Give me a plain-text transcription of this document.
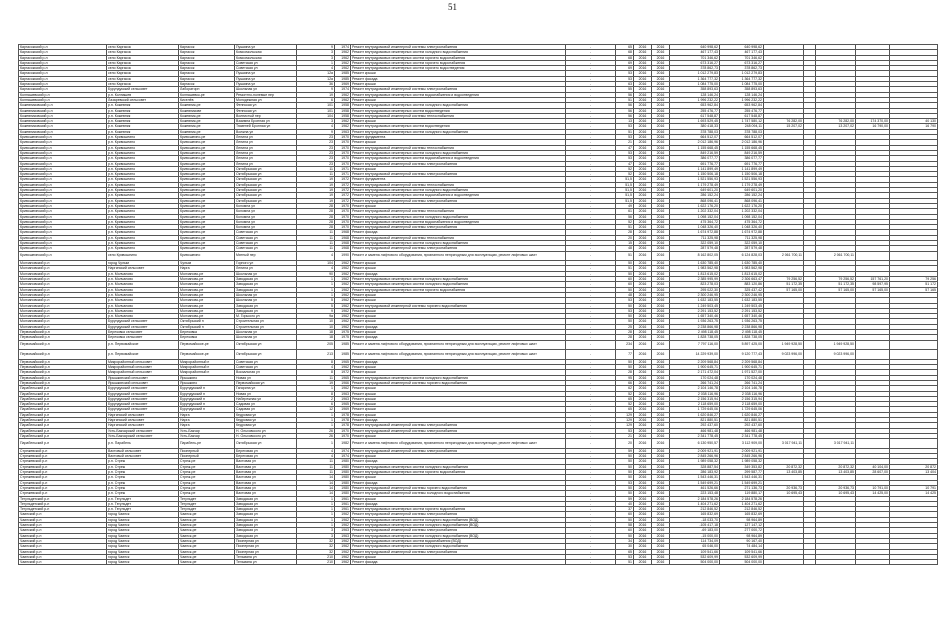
51
Каргасокский р-н	село Каргасок	Каргасок	Пушкина ул	9	1974	Ремонт внутридомовой инженерной системы электроснабжения	-	65	2016	2016	640 998,62	640 998,62					
Каргасокский р-н	село Каргасок	Каргасок	Комсомольская	3	1962	Ремонт внутридомовых инженерных систем холодного водоснабжения	-	68	2016	2016	467 177,43	467 177,43					
Каргасокский р-н	село Каргасок	Каргасок	Комсомольская	3	1962	Ремонт внутридомовых инженерных систем горячего водоснабжения	-	68	2016	2016	701 346,62	701 346,62					
Каргасокский р-н	село Каргасок	Каргасок	Советская ул	1	1962	Ремонт внутридомовых инженерных систем горячего водоснабжения	-	69	2016	2016	673 316,27	673 316,27					
Каргасокский р-н	село Каргасок	Каргасок	Советская ул	4	1962	Ремонт внутридомовых инженерных систем горячего водоотведения	-	69	2016	2016	378 862,73	378 862,73					
Каргасокский р-н	село Каргасок	Каргасок	Пушкина ул	12а	1985	Ремонт крыши	-	53	2016	2016	1 012 279,83	1 012 279,83					
Каргасокский р-н	село Каргасок	Каргасок	Пушкина ул	12а	1985	Ремонт фасада	-	53	2016	2016	1 364 777,32	1 364 777,32					
Каргасокский р-н	село Каргасок	Каргасок	Пушкина ул	36	1969	Ремонт крыши	-	63	2016	2016	1 084 775,00	1 084 775,00					
Каргасокский р-н	Бурундукский сельсовет	Лабораторн	Школьная ул	9	1974	Ремонт внутридомовой инженерной системы электроснабжения	-	55	2016	2016	358 893,63	358 893,63					
Колпашевский р-н	р.п. Колпашев	Колпашевск-ре	Ремонтно-полевые пер	19	1962	Ремонт внутридомовых инженерных систем водоснабжения и водоотведения	-	56	2016	2016	128 146,24	128 146,24					
Колпашевский р-н	Лазаревский сельсовет	Киселёв	Молодежная ул	6	1962	Ремонт крыши	-	51	2016	2016	1 996 232,22	1 996 232,22					
Кожевниковский р-н	р.п. Кожевник	Кожевник-ре	Феннская ул	101	1958	Ремонт внутридомовых инженерных систем холодного водоснабжения	-	56	2016	2016	653 962,84	653 962,84					
Кожевниковский р-н	р.п. Кожевник	Кожевникове	Феннская ул	101	1958	Ремонт внутридомовых инженерных систем водоотведения	-	56	2016	2016	255 476,77	255 476,77					
Кожевниковский р-н	р.п. Кожевник	Кожевник-ре	Волнистый пер	104	1958	Ремонт внутридомовой инженерной системы теплоснабжения	-	56	2016	2016	617 548,87	617 548,87					
Кожевниковский р-н	р.п. Кожевник	Кожевник-ре	Взаимна Бронная ул	3	1962	Ремонт крыши	-	13	2016	2016	1 693 529,45	1 747 580,12	76 282,00		76 282,00	174 370,00	40 130
Кожевниковский р-н	р.п. Кожевник	Кожевник-ре	Тюменей Бронная ул	4	1962	Ремонт внутридомовых инженерных систем водоотведения	-	53	2016	2016	380 418,33	248 094,11	15 207,02		13 207,02	16 790,00	16 790
Кожевниковский р-н	р.п. Кожевник	Кожевник-ре	Волжна ул	9	1963	Ремонт внутридомовых инженерных систем холодного водоснабжения	-	51	2016	2016	378 788,03	378 788,03					
Кривошеинский р-н	р.п. Кривошеино	Кривошеино-ре	Ленина ул	23	1970	Ремонт фундамента	-	53	2016	2016	664 512,07	664 512,07					
Кривошеинский р-н	р.п. Кривошеино	Кривошеино-ре	Ленина ул	23	1970	Ремонт крыши	-	21	2016	2016	2 012 186,96	2 012 186,96					
Кривошеинский р-н	р.п. Кривошеино	Кривошеино-ре	Ленина ул	23	1970	Ремонт внутридомовой инженерной системы теплоснабжения	-	47	2016	2016	1 155 668,45	1 155 668,45					
Кривошеинский р-н	р.п. Кривошеино	Кривошеино-ре	Ленина ул	23	1970	Ремонт внутридомовых инженерных систем холодного водоснабжения	-	53	2016	2016	849 216,59	849 216,59					
Кривошеинский р-н	р.п. Кривошеино	Кривошеино-ре	Ленина ул	23	1970	Ремонт внутридомовых инженерных систем водоснабжения и водоотведения	-	53	2016	2016	386 077,77	386 077,77					
Кривошеинский р-н	р.п. Кривошеино	Кривошеино-ре	Ленина ул	23	1970	Ремонт внутридомовой инженерной системы электроснабжения	-	47	2016	2016	691 776,77	691 776,77					
Кривошеинский р-н	р.п. Кривошеино	Кривошеино-ре	Октябрьская ул	11	1971	Ремонт крыши	-	52	2016	2016	1 141 899,49	1 141 899,49					
Кривошеинский р-н	р.п. Кривошеино	Кривошеино-ре	Октябрьская ул	11	1971	Ремонт внутридомовой инженерной системы электроснабжения	-	52	2016	2016	1 150 506,18	1 150 506,18					
Кривошеинский р-н	р.п. Кривошеино	Кривошеино-ре	Октябрьская ул	19	1972	Ремонт фундамента	-	51,5	2016	2016	1 521 556,93	1 521 556,93					
Кривошеинский р-н	р.п. Кривошеино	Кривошеино-ре	Октябрьская ул	19	1972	Ремонт внутридомовой инженерной системы теплоснабжения	-	51,5	2016	2016	1 179 278,49	1 179 278,49					
Кривошеинский р-н	р.п. Кривошеино	Кривошеино-ре	Октябрьская ул	19	1972	Ремонт внутридомовых инженерных систем холодного водоснабжения	-	51,5	2016	2016	649 601,20	649 601,20					
Кривошеинский р-н	р.п. Кривошеино	Кривошеино-ре	Октябрьская ул	19	1972	Ремонт внутридомовых инженерных систем водоснабжения и водоотведения	-	51,5	2016	2016	286 152,24	286 152,24					
Кривошеинский р-н	р.п. Кривошеино	Кривошеино-ре	Октябрьская ул	19	1972	Ремонт внутридомовой инженерной системы электроснабжения	-	51,5	2016	2016	868 096,41	868 096,41					
Кривошеинский р-н	р.п. Кривошеино	Кривошеино-ре	Коломна ул	28	1970	Ремонт крыши	-	49	2016	2016	1 622 176,20	1 622 176,20					
Кривошеинский р-н	р.п. Кривошеино	Кривошеино-ре	Коломна ул	28	1970	Ремонт внутридомовой инженерной системы теплоснабжения	-	61	2016	2016	1 202 332,04	1 202 332,04					
Кривошеинский р-н	р.п. Кривошеино	Кривошеино-ре	Коломна ул	28	1970	Ремонт внутридомовых инженерных систем холодного водоснабжения	-	56	2016	2016	1 098 152,04	1 098 152,04					
Кривошеинский р-н	р.п. Кривошеино	Кривошеино-ре	Коломна ул	28	1970	Ремонт внутридомовых инженерных систем водоснабжения и водоотведения	-	52	2016	2016	475 364,72	475 364,72					
Кривошеинский р-н	р.п. Кривошеино	Кривошеино-ре	Коломна ул	28	1970	Ремонт внутридомовой инженерной системы электроснабжения	-	51	2016	2016	1 048 326,40	1 048 326,40					
Кривошеинский р-н	р.п. Кривошеино	Кривошеино-ре	Советская ул	11	1968	Ремонт фасада	-	28	2016	2016	1 674 972,88	1 674 972,88					
Кривошеинский р-н	р.п. Кривошеино	Кривошеино-ре	Советская ул	11	1968	Ремонт внутридомовой инженерной системы теплоснабжения	-	20	2016	2016	711 325,98	711 325,98					
Кривошеинский р-н	р.п. Кривошеино	Кривошеино-ре	Советская ул	11	1968	Ремонт внутридомовых инженерных систем холодного водоснабжения	-	15	2016	2016	322 059,10	322 059,10					
Кривошеинский р-н	р.п. Кривошеино	Кривошеино-ре	Советская ул	11	1968	Ремонт внутридомовой инженерной системы электроснабжения	-	48	2016	2016	287 579,48	287 579,48					
Кривошеинский р-н	село Кривошеино	Кривошеино	Мятный пер	4	1990	Ремонт и замена лифтового оборудования, признанного непригодным для эксплуатации, ремонт лифтовых шахт	-	51	2016	2016	8 162 802,05	6 124 828,03	2 061 700,11		2 061 700,11		
Молчановский р-н	город Чулым	Чулым	Горного ул	104	1962	Ремонт крыши	-	50	2016	2016	1 630 785,40	1 630 785,40					
Молчановский р-н	Наргинский сельсовет	Нарга	Ленина ул	4	1962	Ремонт крыши	-	51	2016	2016	1 983 562,98	1 983 562,98					
Молчановский р-н	р.п. Молчаново	Молчаново-ре	Школьная ул	90	1962	Ремонт фасада	-	50	2016	2016	1 813 615,02	1 813 615,02					
Молчановский р-н	р.п. Молчаново	Молчаново-ре	Заводская ул	1	1962	Ремонт внутридомовых инженерных систем холодного водоснабжения	-	60	2016	2016	2 385 995,99	2 306 663,47	79 256,52		79 256,52	157 761,20	79 256
Молчановский р-н	р.п. Молчаново	Молчаново-ре	Заводская ул	1	1962	Ремонт внутридомовых инженерных систем холодного водоснабжения	-	60	2016	2016	823 278,03	883 120,86	51 172,35		51 172,35	98 597,95	51 172
Молчановский р-н	р.п. Молчаново	Молчаново-ре	Заводская ул	1	1962	Ремонт внутридомовых инженерных систем горячего водоснабжения	-	50	2016	2016	295 022,30	325 437,42	57 165,00		57 165,00	57 165,00	57 165
Молчановский р-н	р.п. Молчаново	Молчаново-ре	Школьная ул	1	1962	Ремонт крыши	-	48	2016	2016	2 300 246,95	2 300 246,95					
Молчановский р-н	р.п. Молчаново	Молчаново-ре	Школьная ул	5	1962	Ремонт крыши	-	53	2016	2016	1 632 183,55	1 632 183,55					
Молчановский р-н	р.п. Молчаново	Молчаново-ре	Заводская ул	5	1962	Ремонт внутридомовой инженерной системы горячего водоснабжения	-	50	2016	2016	1 249 503,45	1 249 503,45					
Молчановский р-н	р.п. Молчаново	Молчаново-ре	Заводская ул	9	1962	Ремонт крыши	-	53	2016	2016	2 291 153,52	2 291 153,52					
Молчановский р-н	р.п. Молчаново	Молчаново-ре	М. Горького ул	9а	1962	Ремонт крыши	-	50	2016	2016	1 657 340,46	1 657 340,46					
Молчановский р-н	Бурундукский сельсовет	Октябрьский п	Строительная ул	10	1962	Ремонт крыши	-	50	2016	2016	1 936 263,75	1 936 263,75					
Молчановский р-н	Бурундукский сельсовет	Октябрьский п	Строительная ул	10	1962	Ремонт фасада	-	25	2016	2016	2 238 866,98	2 238 866,98					
Первомайский р-н	Березовка сельсовет	Березовка	Школьная ул	18	1975	Ремонт крыши	-	28	2016	2016	2 498 118,45	2 498 118,45					
Первомайский р-н	Березовка сельсовет	Березовка	Школьная ул	18	1975	Ремонт фасада	-	28	2016	2016	1 828 738,05	1 828 738,05					
Первомайский р-н	р.п. Первомайское	Первомайское-ре	Октябрьская ул	205	1985	Ремонт и замена лифтового оборудования, признанного непригодным для эксплуатации, ремонт лифтовых шахт	-	234	2016	2016	7 797 116,00	5 897 425,00	1 949 928,50		1 949 928,50		
Первомайский р-н	р.п. Первомайское	Первомайское-ре	Октябрьская ул	213	1985	Ремонт и замена лифтового оборудования, признанного непригодным для эксплуатации, ремонт лифтовых шахт	-	77	2016	2016	14 229 939,00	9 120 777,43	9 023 996,00		9 023 996,00		
Первомайский р-н	Микрорайонный сельсовет	Микрорайонный п	Советская ул	8	1965	Ремонт фасада	-	50	2016	2016	2 209 568,84	2 209 568,84					
Первомайский р-н	Микрорайонный сельсовет	Микрорайонный п	Советская ул	4	1962	Ремонт крыши	-	50	2016	2016	1 900 645,71	1 900 645,71					
Первомайский р-н	Микрорайонный сельсовет	Микрорайонный п	Вокзальная ул	8	1972	Ремонт крыши	-	28	2016	2016	2 171 472,04	1 971 527,00					
Первомайский р-н	Ярышкинский сельсовет	Ярышкино	Новая ул	11	1965	Ремонт внутридомовых инженерных систем холодного водоснабжения	-	95	2016	2016	170 024,48	170 024,48					
Первомайский р-н	Ярышкинский сельсовет	Ярышкино	Первомайская ул	19	1966	Ремонт внутридомовой инженерной системы горячего водоснабжения	-	66	2016	2016	266 741,24	266 741,24					
Парабельский р-н	Бурундукский сельсовет	Бурундукский п	Гагарина ул	1	1962	Ремонт крыши	-	62	2016	2016	2 104 146,78	2 104 146,78					
Парабельский р-н	Бурундукский сельсовет	Бурундукский п	Новая ул	8	1963	Ремонт крыши	-	52	2016	2016	2 038 116,96	2 038 116,96					
Парабельский р-н	Бурундукский сельсовет	Бурундукский п	Набережная ул	2	1963	Ремонт крыши	-	65	2016	2016	2 156 315,94	2 156 315,94					
Парабельский р-н	Бурундукский сельсовет	Бурундукский п	Садовая ул	6	1965	Ремонт крыши	-	52	2016	2016	2 118 659,00	2 118 659,00					
Парабельский р-н	Бурундукский сельсовет	Бурундукский п	Садовая ул	12	1969	Ремонт крыши	-	65	2016	2016	1 729 645,06	1 729 645,06					
Парабельский р-н	Наргинский сельсовет	Нарга	Кедровая ул	1	1978	Ремонт крыши	-	129	2016	2016	1 620 846,27	1 620 846,27					
Парабельский р-н	Наргинский сельсовет	Нарга	Кедровая ул	1	1978	Ремонт фасада	-	129	2016	2016	821 880,51	821 880,51					
Парабельский р-н	Наргинский сельсовет	Нарга	Кедровая ул	1	1978	Ремонт внутридомовой инженерной системы электроснабжения	-	129	2016	2016	292 437,60	292 437,60					
Парабельский р-н	Усть-Бакчарский сельсовет	Усть-Бакчар	Н. Ольховского ул	26	1970	Ремонт внутридомовой инженерной системы электроснабжения	-	53	2016	2016	466 981,48	466 981,48					
Парабельский р-н	Усть-Бакчарский сельсовет	Усть-Бакчар	Н. Ольховского ул	26	1970	Ремонт крыши	-	21	2016	2016	2 341 778,45	2 341 778,45					
Парабельский р-н	р.п. Парабель	Парабель-ре	Октябрьская ул	1	1982	Ремонт и замена лифтового оборудования, признанного непригодным для эксплуатации, ремонт лифтовых шахт	-	20	2016	2016	6 130 950,57	3 112 909,00	3 017 941,11		3 017 941,11		
Стрежевской р-н	Вахтовый сельсовет	Пионерный	Береговая ул	4	1974	Ремонт внутридомовой инженерной системы электроснабжения	-	59	2016	2016	2 009 921,91	2 009 921,91					
Стрежевской р-н	Вахтовый сельсовет	Пионерный	Береговая ул	4	1974	Ремонт крыши	-	50	2016	2016	2 845 266,96	2 845 266,96					
Стрежевской р-н	р.п. Стреж	Стреж-ре	Вахтовая ул	11	1980	Ремонт фасада	-	50	2016	2016	1 989 058,32	1 989 058,32					
Стрежевской р-н	р.п. Стреж	Стреж-ре	Вахтовая ул	11	1980	Ремонт внутридомовых инженерных систем холодного водоснабжения	-	50	2016	2016	328 887,54	349 353,82	20 872,32		20 872,32	40 104,00	20 872
Стрежевской р-н	р.п. Стреж	Стреж-ре	Вахтовая ул	11	1980	Ремонт внутридомовых инженерных систем горячего водоснабжения	-	50	2016	2016	286 183,92	299 587,77	13 403,85		13 403,85	28 607,00	13 404
Стрежевской р-н	р.п. Стреж	Стреж-ре	Вахтовая ул	14	1980	Ремонт крыши	-	50	2016	2016	1 543 446,31	1 543 446,31					
Стрежевской р-н	р.п. Стреж	Стреж-ре	Вахтовая ул	14	1980	Ремонт фасада	-	53	2016	2016	1 549 699,21	1 549 699,21					
Стрежевской р-н	р.п. Стреж	Стреж-ре	Вахтовая ул	14	1980	Ремонт внутридомовой инженерной системы горячего водоснабжения	-	50	2016	2016	461 526,66	271 136,73	20 936,73		20 936,73	10 791,00	10 791
Стрежевской р-н	р.п. Стреж	Стреж-ре	Вахтовая ул	14	1980	Ремонт внутридомовой инженерной системы холодного водоснабжения	-	50	2016	2016	223 153,48	119 880,17	10 695,43		10 695,43	14 425,00	14 425
Тегульдетский р-н	р.п. Тегульдет	Тегульдет	Заводская ул	1	1961	Ремонт крыши	-	59	2016	2016	2 184 578,26	2 184 578,26					
Тегульдетский р-н	р.п. Тегульдет	Тегульдет	Заводская ул	1	1961	Ремонт фасада	-	40	2016	2016	1 404 271,62	1 404 271,62					
Тегульдетский р-н	р.п. Тегульдет	Тегульдет	Заводская ул	1	1961	Ремонт внутридомовых инженерных систем горячего водоснабжения	-	37	2016	2016	212 846,52	212 846,52					
Чаинский р-н	город Чаинск	Чаинск-ре	Заводская ул	1	1962	Ремонт внутридомовой инженерной системы электроснабжения	-	60	2016	2016	165 832,69	165 832,69					
Чаинский р-н	город Чаинск	Чаинск-ре	Заводская ул	1	1962	Ремонт внутридомовых инженерных систем холодного водоснабжения (ВОД)	-	50	2016	2016	-18 033,70	98 964,89					
Чаинский р-н	город Чаинск	Чаинск-ре	Заводская ул	1	1962	Ремонт внутридомовых инженерных систем холодного водоснабжения (ВОД)	-	58	2016	2016	-105 417,18	127 147,12					
Чаинский р-н	город Чаинск	Чаинск-ре	Заводская ул	3	1963	Ремонт внутридомовой инженерной системы электроснабжения	-	60	2016	2016	-69 183,00	277 000,72					
Чаинский р-н	город Чаинск	Чаинск-ре	Заводская ул	3	1963	Ремонт внутридомовых инженерных систем холодного водоснабжения (ВОД)	-	50	2016	2016	-15 000,00	98 964,89					
Чаинский р-н	город Чаинск	Чаинск-ре	Пионерная ул	32	1962	Ремонт внутридомовых инженерных систем водоснабжения (ВОД)	-	34	2016	2016	114 734,09	90 167,40					
Чаинский р-н	город Чаинск	Чаинск-ре	Пионерная ул	32	1962	Ремонт внутридомовых инженерных систем холодного водоснабжения	-	30	2016	2016	65 046,00	74 484,14					
Чаинский р-н	город Чаинск	Чаинск-ре	Пионерная ул	32	1962	Ремонт внутридомовой инженерной системы электроснабжения	-	65	2016	2016	109 541,66	109 541,66					
Чаинский р-н	город Чаинск	Чаинск-ре	Тельмана ул	210	1962	Ремонт крыши	-	53	2016	2016	532 609,99	532 609,99					
Чаинский р-н	город Чаинск	Чаинск-ре	Тельмана ул	210	1962	Ремонт фасада	-	51	2016	2016	504 000,00	504 000,00					
